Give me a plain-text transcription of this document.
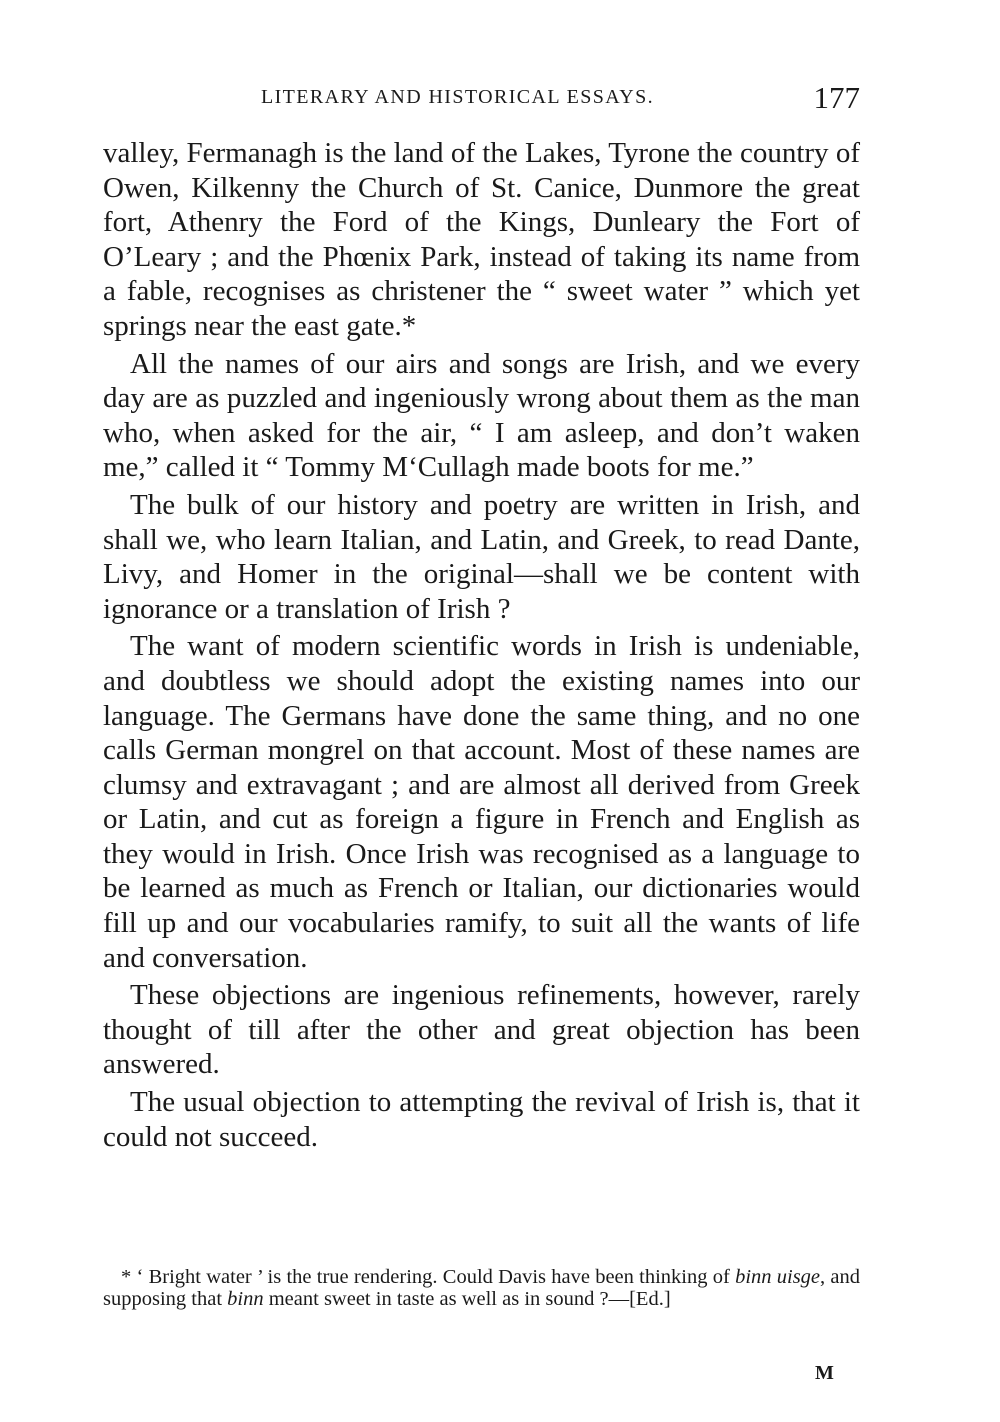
LITERARY AND HISTORICAL ESSAYS.	177

valley, Fermanagh is the land of the Lakes, Tyrone the country of Owen, Kilkenny the Church of St. Canice, Dunmore the great fort, Athenry the Ford of the Kings, Dunleary the Fort of O’Leary ; and the Phœnix Park, instead of taking its name from a fable, recognises as christener the “ sweet water ” which yet springs near the east gate.*

All the names of our airs and songs are Irish, and we every day are as puzzled and ingeniously wrong about them as the man who, when asked for the air, “ I am asleep, and don’t waken me,” called it “ Tommy M‘Cullagh made boots for me.”

The bulk of our history and poetry are written in Irish, and shall we, who learn Italian, and Latin, and Greek, to read Dante, Livy, and Homer in the original—shall we be content with ignorance or a translation of Irish ?

The want of modern scientific words in Irish is undeniable, and doubtless we should adopt the existing names into our language. The Germans have done the same thing, and no one calls German mongrel on that account. Most of these names are clumsy and extravagant ; and are almost all derived from Greek or Latin, and cut as foreign a figure in French and English as they would in Irish. Once Irish was recognised as a language to be learned as much as French or Italian, our dictionaries would fill up and our vocabularies ramify, to suit all the wants of life and conversation.

These objections are ingenious refinements, however, rarely thought of till after the other and great objection has been answered.

The usual objection to attempting the revival of Irish is, that it could not succeed.

* ‘ Bright water ’ is the true rendering. Could Davis have been thinking of binn uisge, and supposing that binn meant sweet in taste as well as in sound ?—[Ed.]

M
